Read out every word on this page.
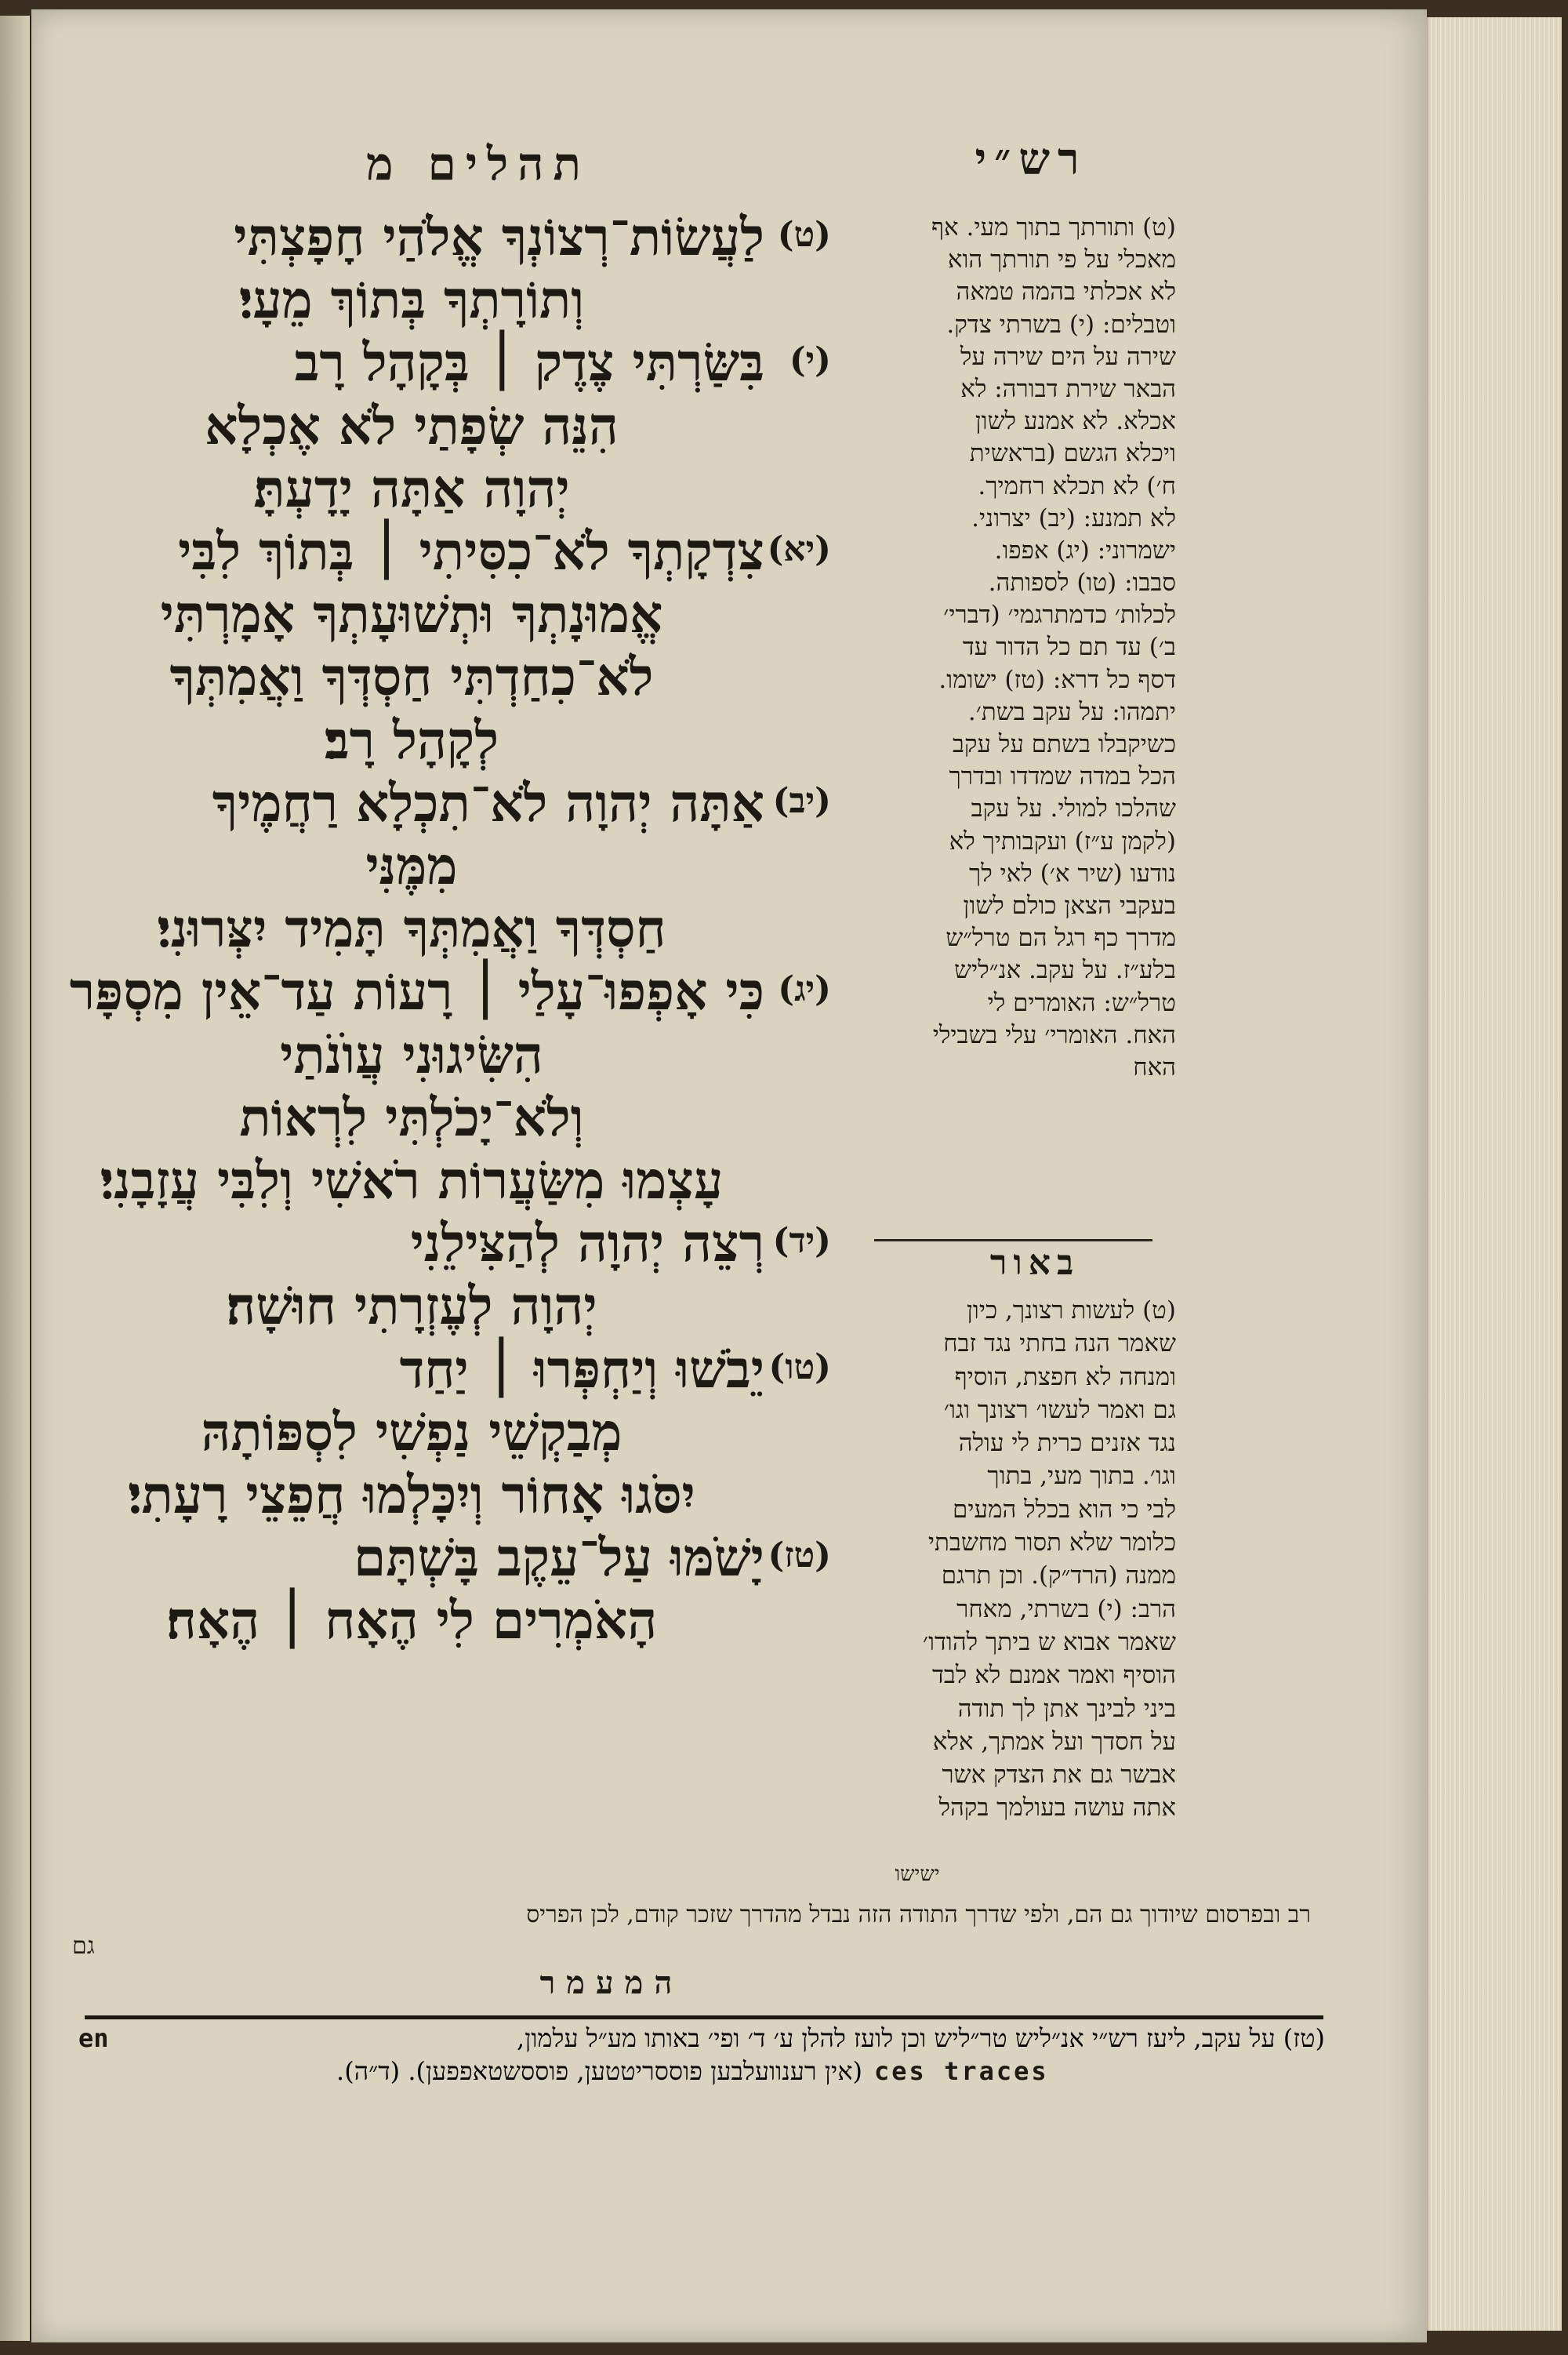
רש״י
תהלים מ
(ט)
לַעֲשׂוֹת־רְצוֹנְךָ אֱלֹהַי חָפָצְתִּי
וְתוֹרָתְךָ בְּתוֹךְ מֵעָי׃
(י)
בִּשַּׂרְתִּי צֶדֶק ׀ בְּקָהָל רָב
הִנֵּה שְׂפָתַי לֹא אֶכְלָא
יְהוָה אַתָּה יָדָעְתָּ׃
(יא)
צִדְקָתְךָ לֹא־כִסִּיתִי ׀ בְּתוֹךְ לִבִּי
אֱמוּנָתְךָ וּתְשׁוּעָתְךָ אָמָרְתִּי
לֹא־כִחַדְתִּי חַסְדְּךָ וַאֲמִתְּךָ
לְקָהָל רָב׃
(יב)
אַתָּה יְהוָה לֹא־תִכְלָא רַחֲמֶיךָ
מִמֶּנִּי
חַסְדְּךָ וַאֲמִתְּךָ תָּמִיד יִצְּרוּנִי׃
(יג)
כִּי אָפְפוּ־עָלַי ׀ רָעוֹת עַד־אֵין מִסְפָּר
הִשִּׂיגוּנִי עֲוֺנֹתַי
וְלֹא־יָכֹלְתִּי לִרְאוֹת
עָצְמוּ מִשַּׂעֲרוֹת רֹאשִׁי וְלִבִּי עֲזָבָנִי׃
(יד)
רְצֵה יְהוָה לְהַצִּילֵנִי
יְהוָה לְעֶזְרָתִי חוּשָׁה׃
(טו)
יֵבֹשׁוּ וְיַחְפְּרוּ ׀ יַחַד
מְבַקְשֵׁי נַפְשִׁי לִסְפּוֹתָהּ
יִסֹּגוּ אָחוֹר וְיִכָּלְמוּ חֲפֵצֵי רָעָתִי׃
(טז)
יָשֹׁמּוּ עַל־עֵקֶב בָּשְׁתָּם
הָאֹמְרִים לִי הֶאָח ׀ הֶאָח׃
(ט) ותורתך בתוך מעי. אף
מאכלי על פי תורתך הוא
לא אכלתי בהמה טמאה
וטבלים: (י) בשרתי צדק.
שירה על הים שירה על
הבאר שירת דבורה: לא
אכלא. לא אמנע לשון
ויכלא הגשם (בראשית
ח׳) לא תכלא רחמיך.
לא תמנע: (יב) יצרוני.
ישמרוני: (יג) אפפו.
סבבו: (טו) לספותה.
לכלות׳ כדמתרגמי׳ (דברי׳
ב׳) עד תם כל הדור עד
דסף כל דרא: (טז) ישומו.
יתמהו: על עקב בשת׳.
כשיקבלו בשתם על עקב
הכל במדה שמדדו ובדרך
שהלכו למולי. על עקב
(לקמן ע״ז) ועקבותיך לא
נודעו (שיר א׳) לאי לך
בעקבי הצאן כולם לשון
מדרך כף רגל הם טרל״ש
בלע״ז. על עקב. אנ״ליש
טרל״ש: האומרים לי
האח. האומרי׳ עלי בשבילי
האח
באור
(ט) לעשות רצונך, כיון
שאמר הנה בחתי נגד זבח
ומנחה לא חפצת, הוסיף
גם ואמר לעשו׳ רצונך וגו׳
נגד אזנים כרית לי עולה
וגו׳. בתוך מעי, בתוך
לבי כי הוא בכלל המעים
כלומר שלא תסור מחשבתי
ממנה (הרד״ק). וכן תרגם
הרב: (י) בשרתי, מאחר
שאמר אבוא ש ביתך להודו׳
הוסיף ואמר אמנם לא לבד
ביני לבינך אתן לך תודה
על חסדך ועל אמתך, אלא
אבשר גם את הצדק אשר
אתה עושה בעולמך בקהל
ישישו
רב ובפרסום שיודוך גם הם, ולפי שדרך התודה הזה נבדל מהדרך שזכר קודם, לכן הפריס
גם
המעמר
en	(טז) על עקב, ליעז רש״י אנ״ליש טר״ליש וכן לועז להלן ע׳ ד׳ ופי׳ באותו מע״ל עלמון,
(אין רענוועלבען פוססריטטען, פוססשטאפפען). (ד״ה). ces traces
